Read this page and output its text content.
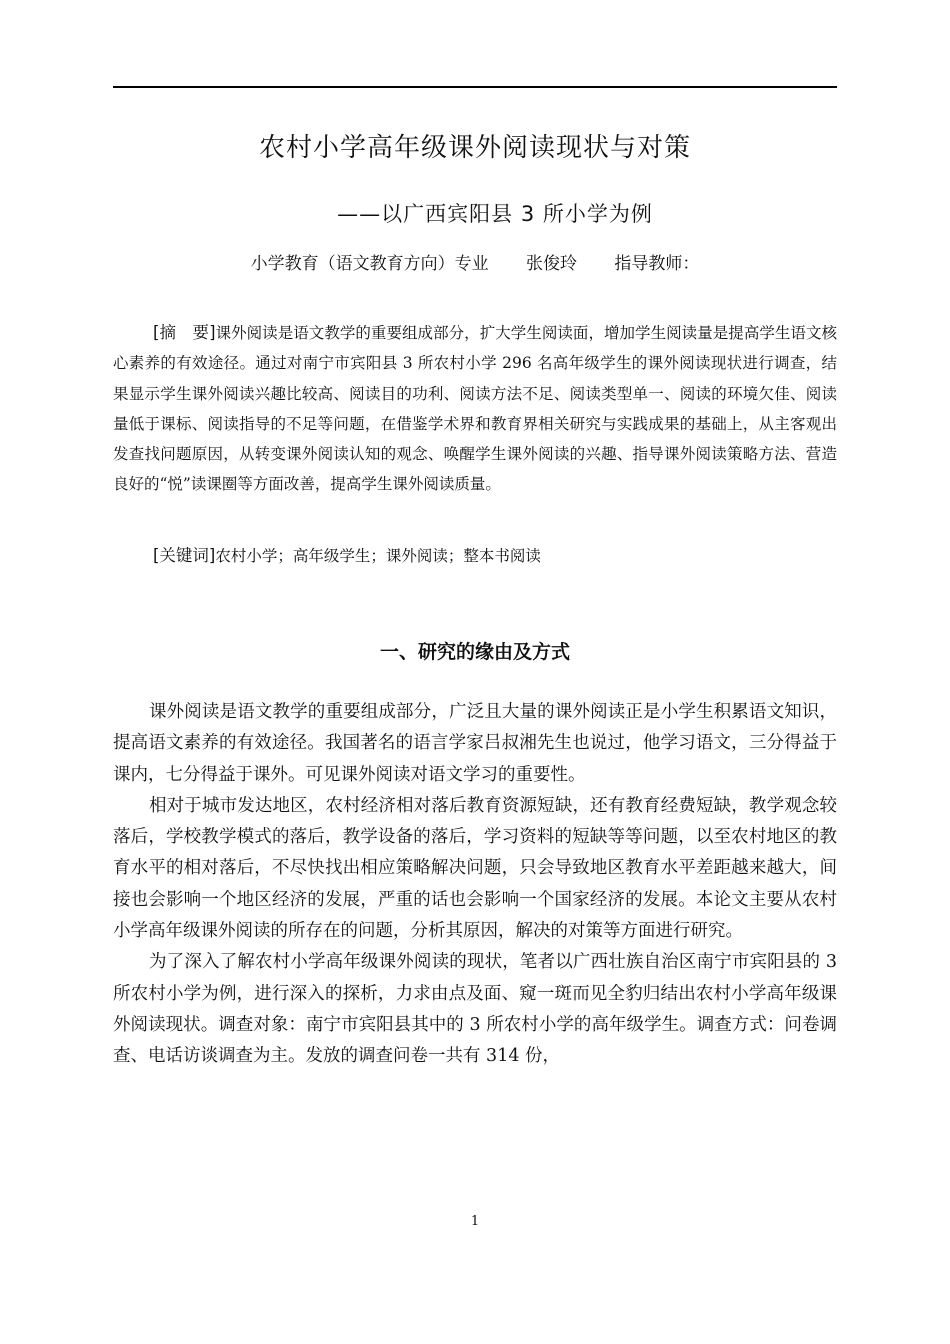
农村小学高年级课外阅读现状与对策
——以广西宾阳县 3 所小学为例
小学教育（语文教育方向）专业 张俊玲 指导教师：

[摘　要]课外阅读是语文教学的重要组成部分，扩大学生阅读面，增加学生阅读量是提高学生语文核心素养的有效途径。通过对南宁市宾阳县 3 所农村小学 296 名高年级学生的课外阅读现状进行调查，结果显示学生课外阅读兴趣比较高、阅读目的功利、阅读方法不足、阅读类型单一、阅读的环境欠佳、阅读量低于课标、阅读指导的不足等问题，在借鉴学术界和教育界相关研究与实践成果的基础上，从主客观出发查找问题原因，从转变课外阅读认知的观念、唤醒学生课外阅读的兴趣、指导课外阅读策略方法、营造良好的“悦”读课圈等方面改善，提高学生课外阅读质量。

[关键词]农村小学；高年级学生；课外阅读；整本书阅读

一、研究的缘由及方式

课外阅读是语文教学的重要组成部分，广泛且大量的课外阅读正是小学生积累语文知识，提高语文素养的有效途径。我国著名的语言学家吕叔湘先生也说过，他学习语文，三分得益于课内，七分得益于课外。可见课外阅读对语文学习的重要性。

相对于城市发达地区，农村经济相对落后教育资源短缺，还有教育经费短缺，教学观念较落后，学校教学模式的落后，教学设备的落后，学习资料的短缺等等问题，以至农村地区的教育水平的相对落后，不尽快找出相应策略解决问题，只会导致地区教育水平差距越来越大，间接也会影响一个地区经济的发展，严重的话也会影响一个国家经济的发展。本论文主要从农村小学高年级课外阅读的所存在的问题，分析其原因，解决的对策等方面进行研究。

为了深入了解农村小学高年级课外阅读的现状，笔者以广西壮族自治区南宁市宾阳县的 3 所农村小学为例，进行深入的探析，力求由点及面、窥一斑而见全豹归结出农村小学高年级课外阅读现状。调查对象：南宁市宾阳县其中的 3 所农村小学的高年级学生。调查方式：问卷调查、电话访谈调查为主。发放的调查问卷一共有 314 份，

1
